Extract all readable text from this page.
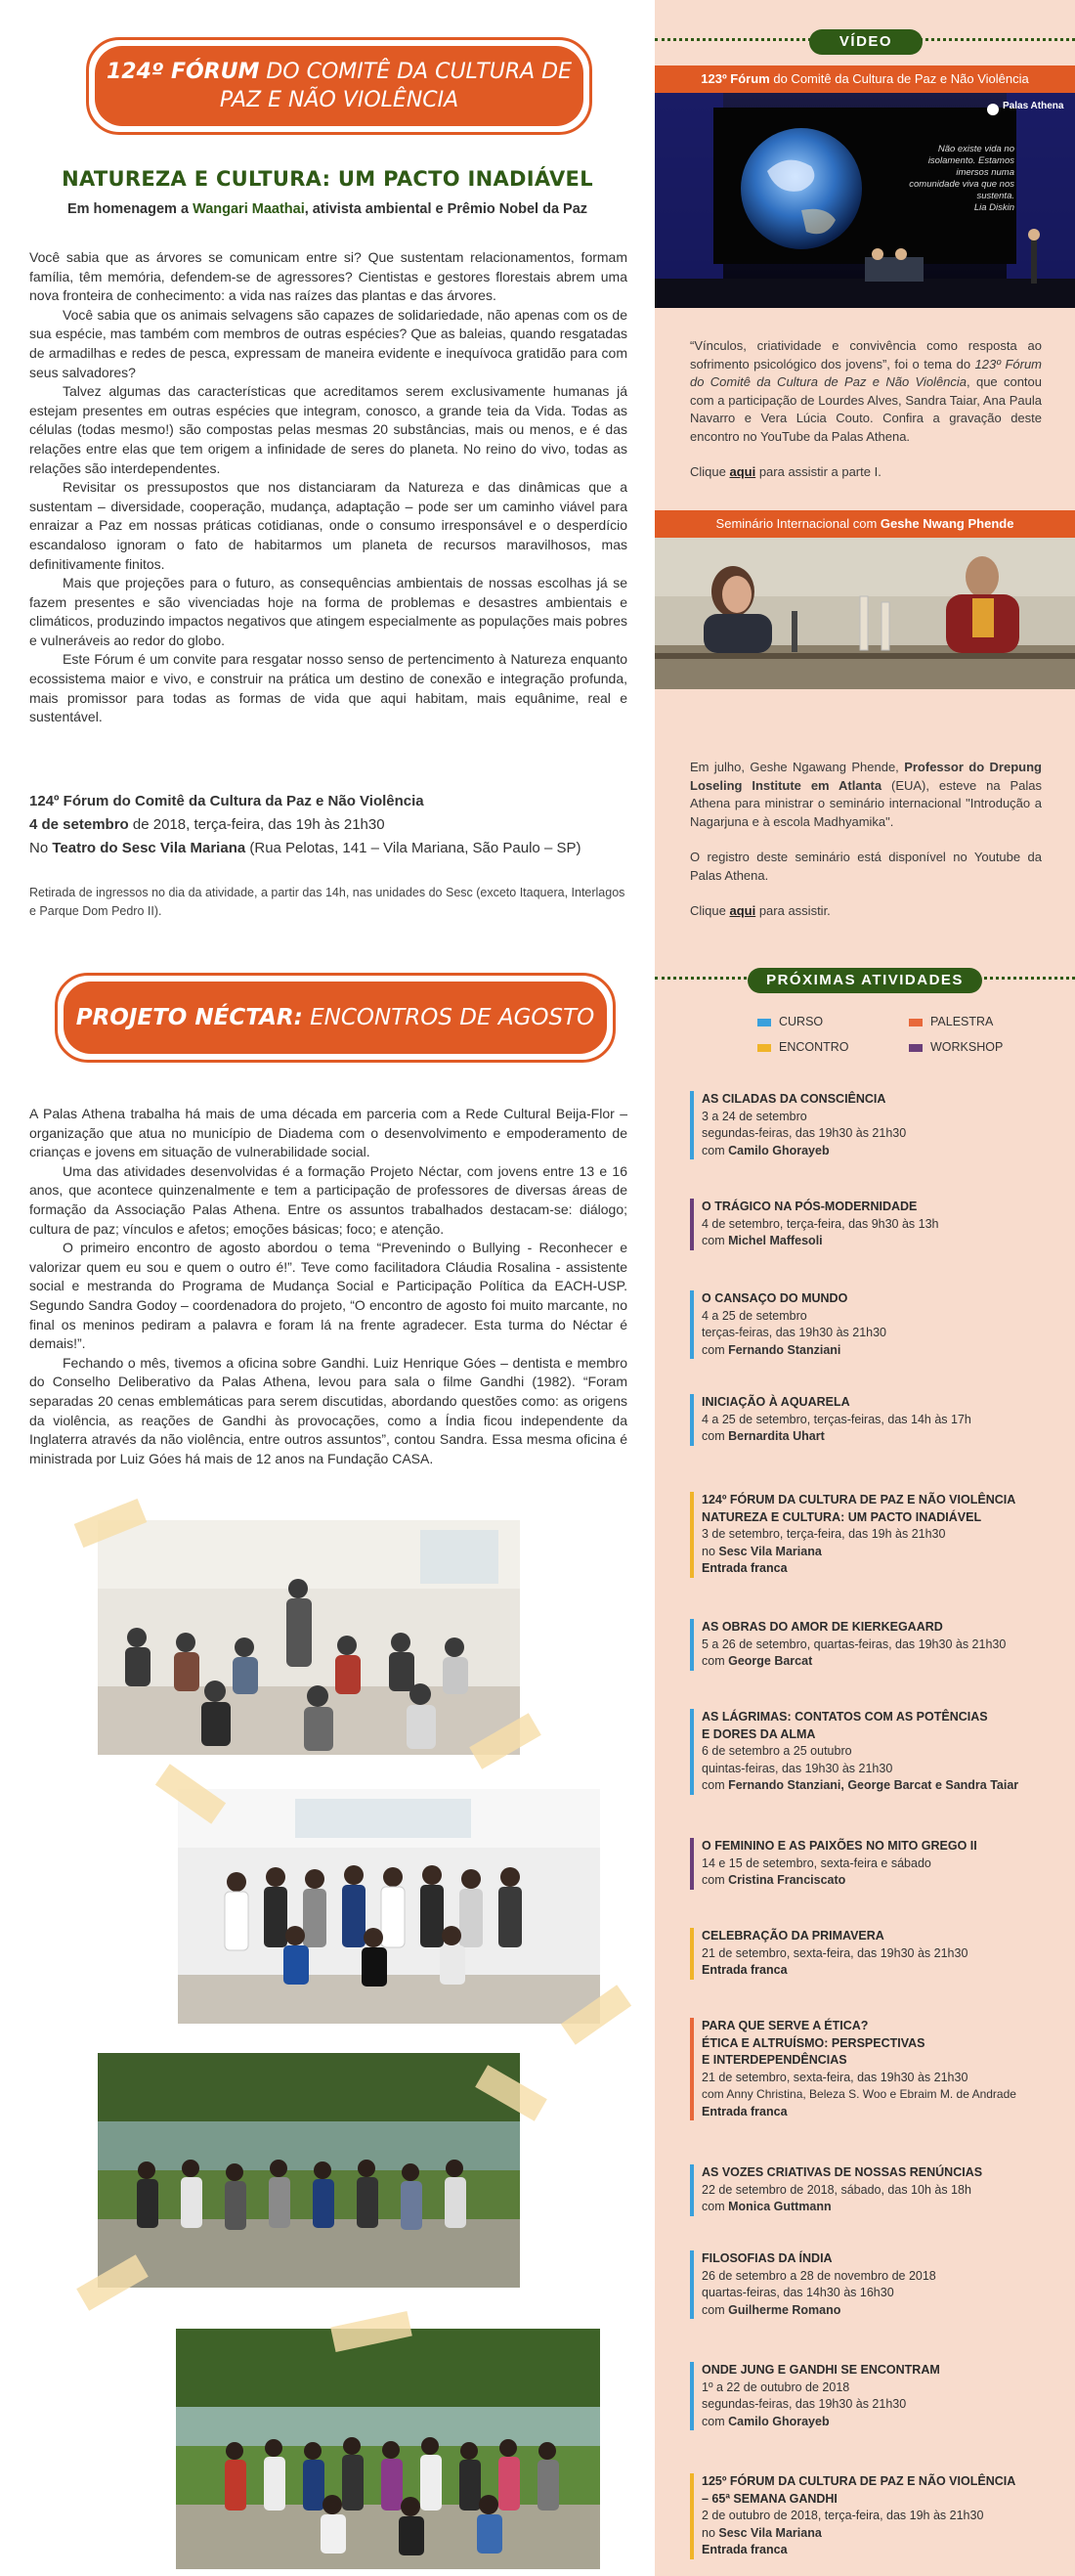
124º FÓRUM DO COMITÊ DA CULTURA DE PAZ E NÃO VIOLÊNCIA
NATUREZA E CULTURA: UM PACTO INADIÁVEL
Em homenagem a Wangari Maathai, ativista ambiental e Prêmio Nobel da Paz

Você sabia que as árvores se comunicam entre si? Que sustentam relacionamentos, formam família, têm memória, defendem-se de agressores? Cientistas e gestores florestais abrem uma nova fronteira de conhecimento: a vida nas raízes das plantas e das árvores.

Você sabia que os animais selvagens são capazes de solidariedade, não apenas com os de sua espécie, mas também com membros de outras espécies? Que as baleias, quando resgatadas de armadilhas e redes de pesca, expressam de maneira evidente e inequívoca gratidão para com seus salvadores?

Talvez algumas das características que acreditamos serem exclusivamente humanas já estejam presentes em outras espécies que integram, conosco, a grande teia da Vida. Todas as células (todas mesmo!) são compostas pelas mesmas 20 substâncias, mais ou menos, e é das relações entre elas que tem origem a infinidade de seres do planeta. No reino do vivo, todas as relações são interdependentes.

Revisitar os pressupostos que nos distanciaram da Natureza e das dinâmicas que a sustentam – diversidade, cooperação, mudança, adaptação – pode ser um caminho viável para enraizar a Paz em nossas práticas cotidianas, onde o consumo irresponsável e o desperdício escandaloso ignoram o fato de habitarmos um planeta de recursos maravilhosos, mas definitivamente finitos.

Mais que projeções para o futuro, as consequências ambientais de nossas escolhas já se fazem presentes e são vivenciadas hoje na forma de problemas e desastres ambientais e climáticos, produzindo impactos negativos que atingem especialmente as populações mais pobres e vulneráveis ao redor do globo.

Este Fórum é um convite para resgatar nosso senso de pertencimento à Natureza enquanto ecossistema maior e vivo, e construir na prática um destino de conexão e integração profunda, mais promissor para todas as formas de vida que aqui habitam, mais equânime, real e sustentável.

124º Fórum do Comitê da Cultura da Paz e Não Violência
4 de setembro de 2018, terça-feira, das 19h às 21h30
No Teatro do Sesc Vila Mariana (Rua Pelotas, 141 – Vila Mariana, São Paulo – SP)
Retirada de ingressos no dia da atividade, a partir das 14h, nas unidades do Sesc (exceto Itaquera, Interlagos e Parque Dom Pedro II).
PROJETO NÉCTAR: ENCONTROS DE AGOSTO

A Palas Athena trabalha há mais de uma década em parceria com a Rede Cultural Beija-Flor – organização que atua no município de Diadema com o desenvolvimento e empoderamento de crianças e jovens em situação de vulnerabilidade social.

Uma das atividades desenvolvidas é a formação Projeto Néctar, com jovens entre 13 e 16 anos, que acontece quinzenalmente e tem a participação de professores de diversas áreas de formação da Associação Palas Athena. Entre os assuntos trabalhados destacam-se: diálogo; cultura de paz; vínculos e afetos; emoções básicas; foco; e atenção.

O primeiro encontro de agosto abordou o tema “Prevenindo o Bullying - Reconhecer e valorizar quem eu sou e quem o outro é!”. Teve como facilitadora Cláudia Rosalina - assistente social e mestranda do Programa de Mudança Social e Participação Política da EACH-USP. Segundo Sandra Godoy – coordenadora do projeto, “O encontro de agosto foi muito marcante, no final os meninos pediram a palavra e foram lá na frente agradecer. Esta turma do Néctar é demais!”.

Fechando o mês, tivemos a oficina sobre Gandhi. Luiz Henrique Góes – dentista e membro do Conselho Deliberativo da Palas Athena, levou para sala o filme Gandhi (1982). “Foram separadas 20 cenas emblemáticas para serem discutidas, abordando questões como: as origens da violência, as reações de Gandhi às provocações, como a Índia ficou independente da Inglaterra através da não violência, entre outros assuntos”, contou Sandra. Essa mesma oficina é ministrada por Luiz Góes há mais de 12 anos na Fundação CASA.

VÍDEO
123º Fórum do Comitê da Cultura de Paz e Não Violência
Não existe vida no isolamento. Estamos imersos numa comunidade viva que nos sustenta.
Lia Diskin
Palas Athena

“Vínculos, criatividade e convivência como resposta ao sofrimento psicológico dos jovens”, foi o tema do 123º Fórum do Comitê da Cultura de Paz e Não Violência, que contou com a participação de Lourdes Alves, Sandra Taiar, Ana Paula Navarro e Vera Lúcia Couto. Confira a gravação deste encontro no YouTube da Palas Athena.

Clique aqui para assistir a parte I.

Seminário Internacional com Geshe Nwang Phende

Em julho, Geshe Ngawang Phende, Professor do Drepung Loseling Institute em Atlanta (EUA), esteve na Palas Athena para ministrar o seminário internacional "Introdução a Nagarjuna e à escola Madhyamika".

O registro deste seminário está disponível no Youtube da Palas Athena.

Clique aqui para assistir.

PRÓXIMAS ATIVIDADES
CURSO	PALESTRA
ENCONTRO	WORKSHOP
AS CILADAS DA CONSCIÊNCIA
3 a 24 de setembro
segundas-feiras, das 19h30 às 21h30
com Camilo Ghorayeb
O TRÁGICO NA PÓS-MODERNIDADE
4 de setembro, terça-feira, das 9h30 às 13h
com Michel Maffesoli
O CANSAÇO DO MUNDO
4 a 25 de setembro
terças-feiras, das 19h30 às 21h30
com Fernando Stanziani
INICIAÇÃO À AQUARELA
4 a 25 de setembro, terças-feiras, das 14h às 17h
com Bernardita Uhart
124º FÓRUM DA CULTURA DE PAZ E NÃO VIOLÊNCIA
NATUREZA E CULTURA: UM PACTO INADIÁVEL
3 de setembro, terça-feira, das 19h às 21h30
no Sesc Vila Mariana
Entrada franca
AS OBRAS DO AMOR DE KIERKEGAARD
5 a 26 de setembro, quartas-feiras, das 19h30 às 21h30
com George Barcat
AS LÁGRIMAS: CONTATOS COM AS POTÊNCIAS
E DORES DA ALMA
6 de setembro a 25 outubro
quintas-feiras, das 19h30 às 21h30
com Fernando Stanziani, George Barcat e Sandra Taiar
O FEMININO E AS PAIXÕES NO MITO GREGO II
14 e 15 de setembro, sexta-feira e sábado
com Cristina Franciscato
CELEBRAÇÃO DA PRIMAVERA
21 de setembro, sexta-feira, das 19h30 às 21h30
Entrada franca
PARA QUE SERVE A ÉTICA?
ÉTICA E ALTRUÍSMO: PERSPECTIVAS
E INTERDEPENDÊNCIAS
21 de setembro, sexta-feira, das 19h30 às 21h30
com Anny Christina, Beleza S. Woo e Ebraim M. de Andrade
Entrada franca
AS VOZES CRIATIVAS DE NOSSAS RENÚNCIAS
22 de setembro de 2018, sábado, das 10h às 18h
com Monica Guttmann
FILOSOFIAS DA ÍNDIA
26 de setembro a 28 de novembro de 2018
quartas-feiras, das 14h30 às 16h30
com Guilherme Romano
ONDE JUNG E GANDHI SE ENCONTRAM
1º a 22 de outubro de 2018
segundas-feiras, das 19h30 às 21h30
com Camilo Ghorayeb
125º FÓRUM DA CULTURA DE PAZ E NÃO VIOLÊNCIA
– 65ª SEMANA GANDHI
2 de outubro de 2018, terça-feira, das 19h às 21h30
no Sesc Vila Mariana
Entrada franca
